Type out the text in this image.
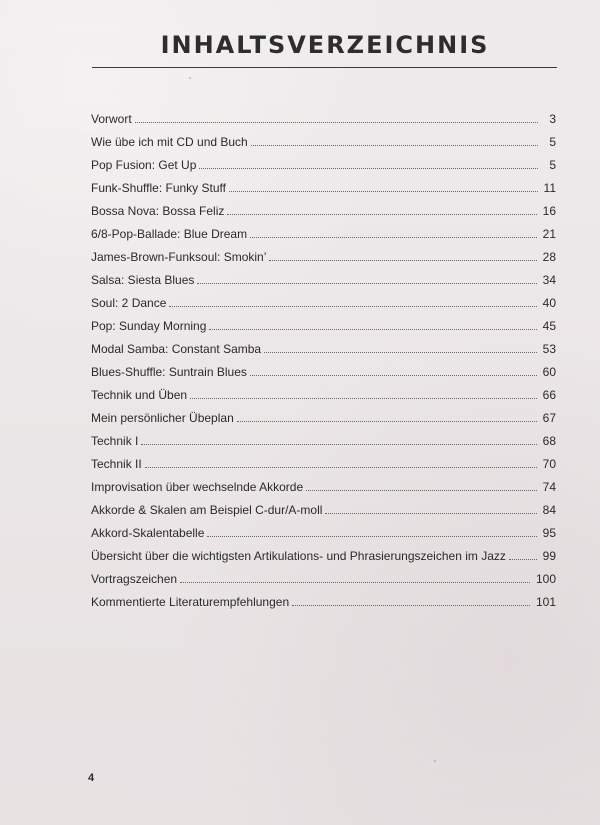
INHALTSVERZEICHNIS
Vorwort	3
Wie übe ich mit CD und Buch	5
Pop Fusion: Get Up	5
Funk-Shuffle: Funky Stuff	11
Bossa Nova: Bossa Feliz	16
6/8-Pop-Ballade: Blue Dream	21
James-Brown-Funksoul: Smokin’	28
Salsa: Siesta Blues	34
Soul: 2 Dance	40
Pop: Sunday Morning	45
Modal Samba: Constant Samba	53
Blues-Shuffle: Suntrain Blues	60
Technik und Üben	66
Mein persönlicher Übeplan	67
Technik I	68
Technik II	70
Improvisation über wechselnde Akkorde	74
Akkorde & Skalen am Beispiel C-dur/A-moll	84
Akkord-Skalentabelle	95
Übersicht über die wichtigsten Artikulations- und Phrasierungszeichen im Jazz	99
Vortragszeichen	100
Kommentierte Literaturempfehlungen	101
4
